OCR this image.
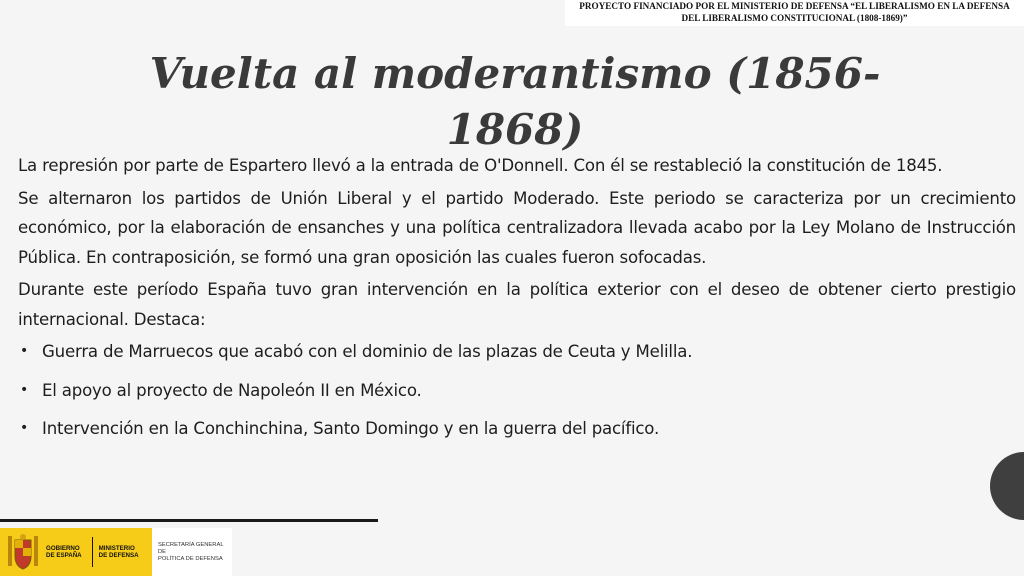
PROYECTO FINANCIADO POR EL MINISTERIO DE DEFENSA “EL LIBERALISMO EN LA DEFENSA
DEL LIBERALISMO CONSTITUCIONAL (1808-1869)”
Vuelta al moderantismo (1856-1868)

La represión por parte de Espartero llevó a la entrada de O'Donnell. Con él se restableció la constitución de 1845.

Se alternaron los partidos de Unión Liberal y el partido Moderado. Este periodo se caracteriza por un crecimiento económico, por la elaboración de ensanches y una política centralizadora llevada acabo por la Ley Molano de Instrucción Pública. En contraposición, se formó una gran oposición las cuales fueron sofocadas.

Durante este período España tuvo gran intervención en la política exterior con el deseo de obtener cierto prestigio internacional. Destaca:

• Guerra de Marruecos que acabó con el dominio de las plazas de Ceuta y Melilla.
• El apoyo al proyecto de Napoleón II en México.
• Intervención en la Conchinchina, Santo Domingo y en la guerra del pacífico.
GOBIERNO
DE ESPAÑA
MINISTERIO
DE DEFENSA
SECRETARÍA GENERAL DE
POLÍTICA DE DEFENSA
